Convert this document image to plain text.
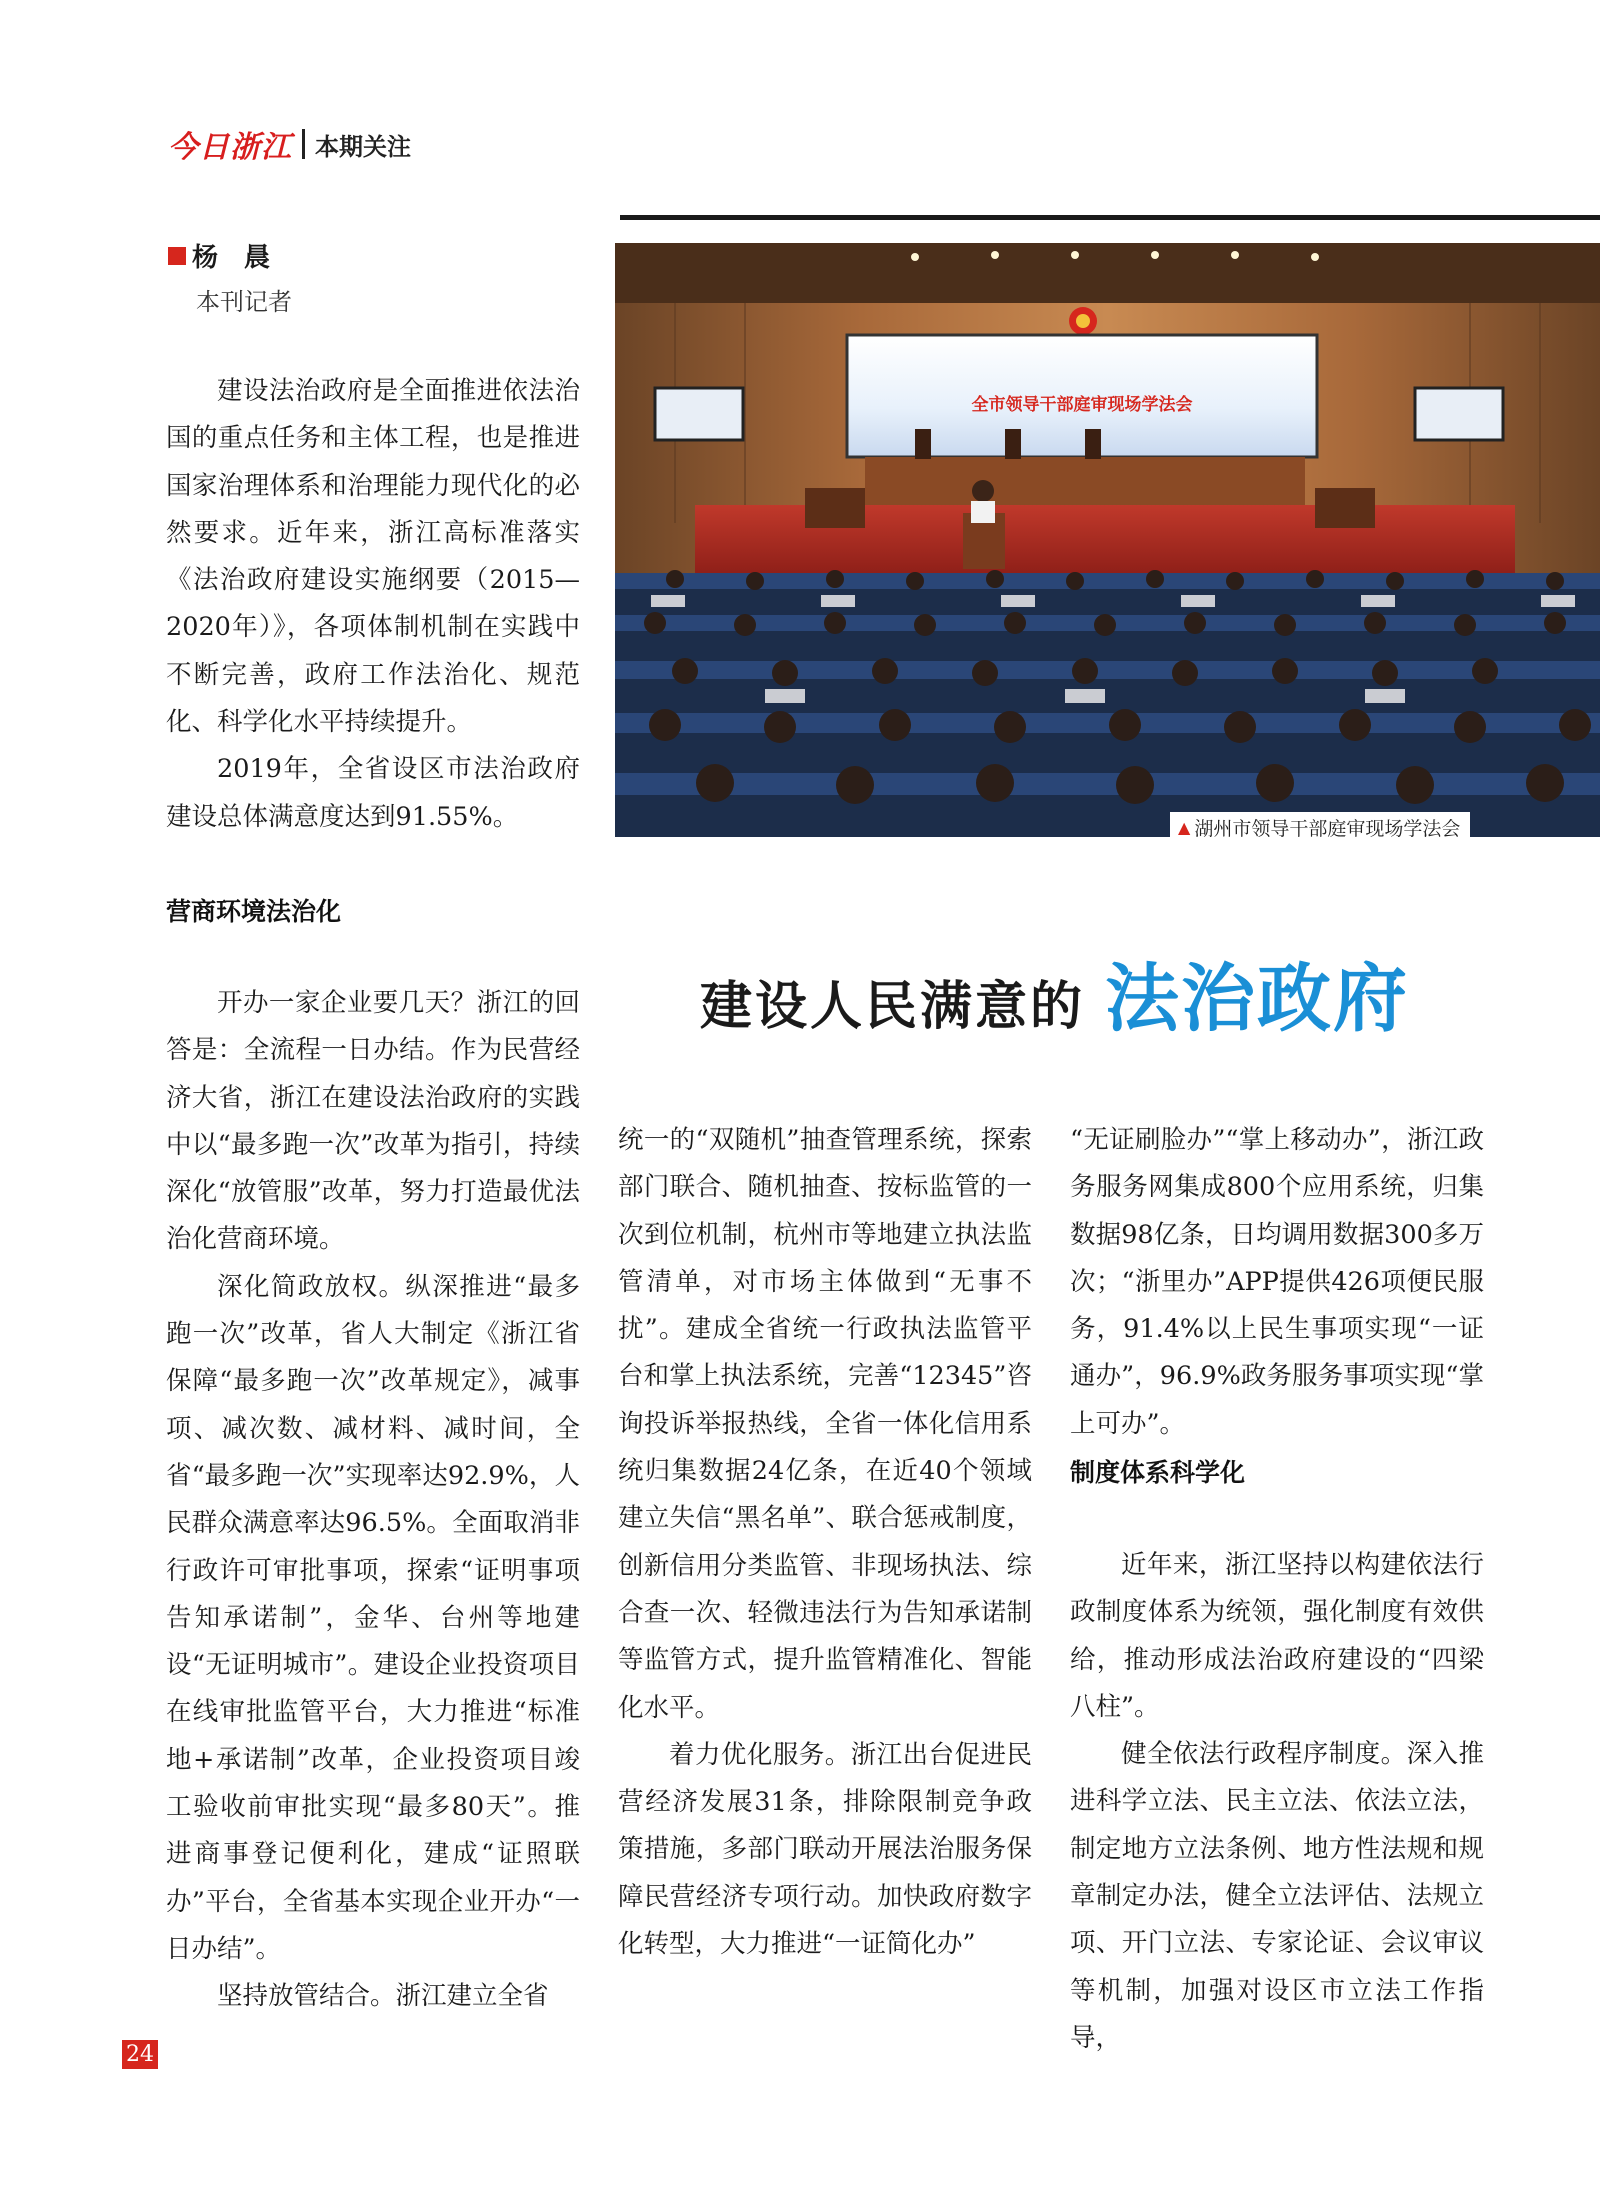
今日浙江 本期关注
杨　晨
本刊记者
全市领导干部庭审现场学法会
▲ 湖州市领导干部庭审现场学法会
建设人民满意的 法治政府

建设法治政府是全面推进依法治国的重点任务和主体工程，也是推进国家治理体系和治理能力现代化的必然要求。近年来，浙江高标准落实《法治政府建设实施纲要（2015—2020年）》，各项体制机制在实践中不断完善，政府工作法治化、规范化、科学化水平持续提升。

2019年，全省设区市法治政府建设总体满意度达到91.55%。

营商环境法治化

开办一家企业要几天？浙江的回答是：全流程一日办结。作为民营经济大省，浙江在建设法治政府的实践中以“最多跑一次”改革为指引，持续深化“放管服”改革，努力打造最优法治化营商环境。

深化简政放权。纵深推进“最多跑一次”改革，省人大制定《浙江省保障“最多跑一次”改革规定》，减事项、减次数、减材料、减时间，全省“最多跑一次”实现率达92.9%，人民群众满意率达96.5%。全面取消非行政许可审批事项，探索“证明事项告知承诺制”，金华、台州等地建设“无证明城市”。建设企业投资项目在线审批监管平台，大力推进“标准地+承诺制”改革，企业投资项目竣工验收前审批实现“最多80天”。推进商事登记便利化，建成“证照联办”平台，全省基本实现企业开办“一日办结”。

坚持放管结合。浙江建立全省

统一的“双随机”抽查管理系统，探索部门联合、随机抽查、按标监管的一次到位机制，杭州市等地建立执法监管清单，对市场主体做到“无事不扰”。建成全省统一行政执法监管平台和掌上执法系统，完善“12345”咨询投诉举报热线，全省一体化信用系统归集数据24亿条，在近40个领域建立失信“黑名单”、联合惩戒制度，创新信用分类监管、非现场执法、综合查一次、轻微违法行为告知承诺制等监管方式，提升监管精准化、智能化水平。

着力优化服务。浙江出台促进民营经济发展31条，排除限制竞争政策措施，多部门联动开展法治服务保障民营经济专项行动。加快政府数字化转型，大力推进“一证简化办”

“无证刷脸办”“掌上移动办”，浙江政务服务网集成800个应用系统，归集数据98亿条，日均调用数据300多万次；“浙里办”APP提供426项便民服务，91.4%以上民生事项实现“一证通办”，96.9%政务服务事项实现“掌上可办”。

制度体系科学化

近年来，浙江坚持以构建依法行政制度体系为统领，强化制度有效供给，推动形成法治政府建设的“四梁八柱”。

健全依法行政程序制度。深入推进科学立法、民主立法、依法立法，制定地方立法条例、地方性法规和规章制定办法，健全立法评估、法规立项、开门立法、专家论证、会议审议等机制，加强对设区市立法工作指导，

24
